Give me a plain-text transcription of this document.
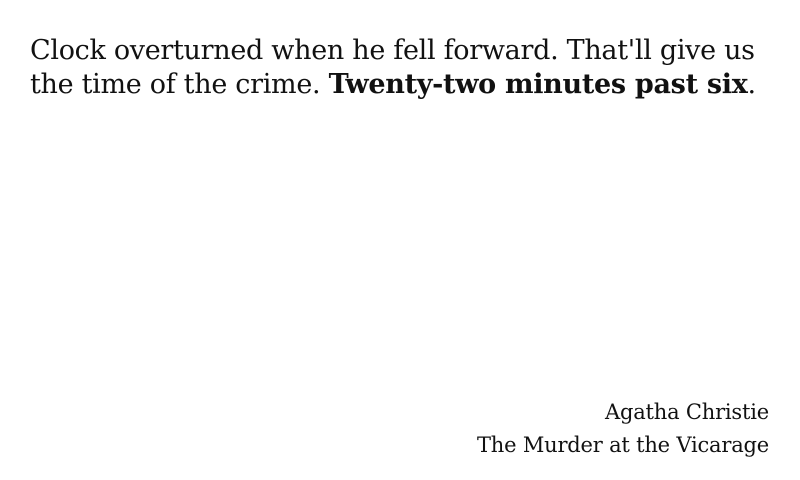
Clock overturned when he fell forward. That'll give us the time of the crime. Twenty-two minutes past six.

Agatha Christie
The Murder at the Vicarage
